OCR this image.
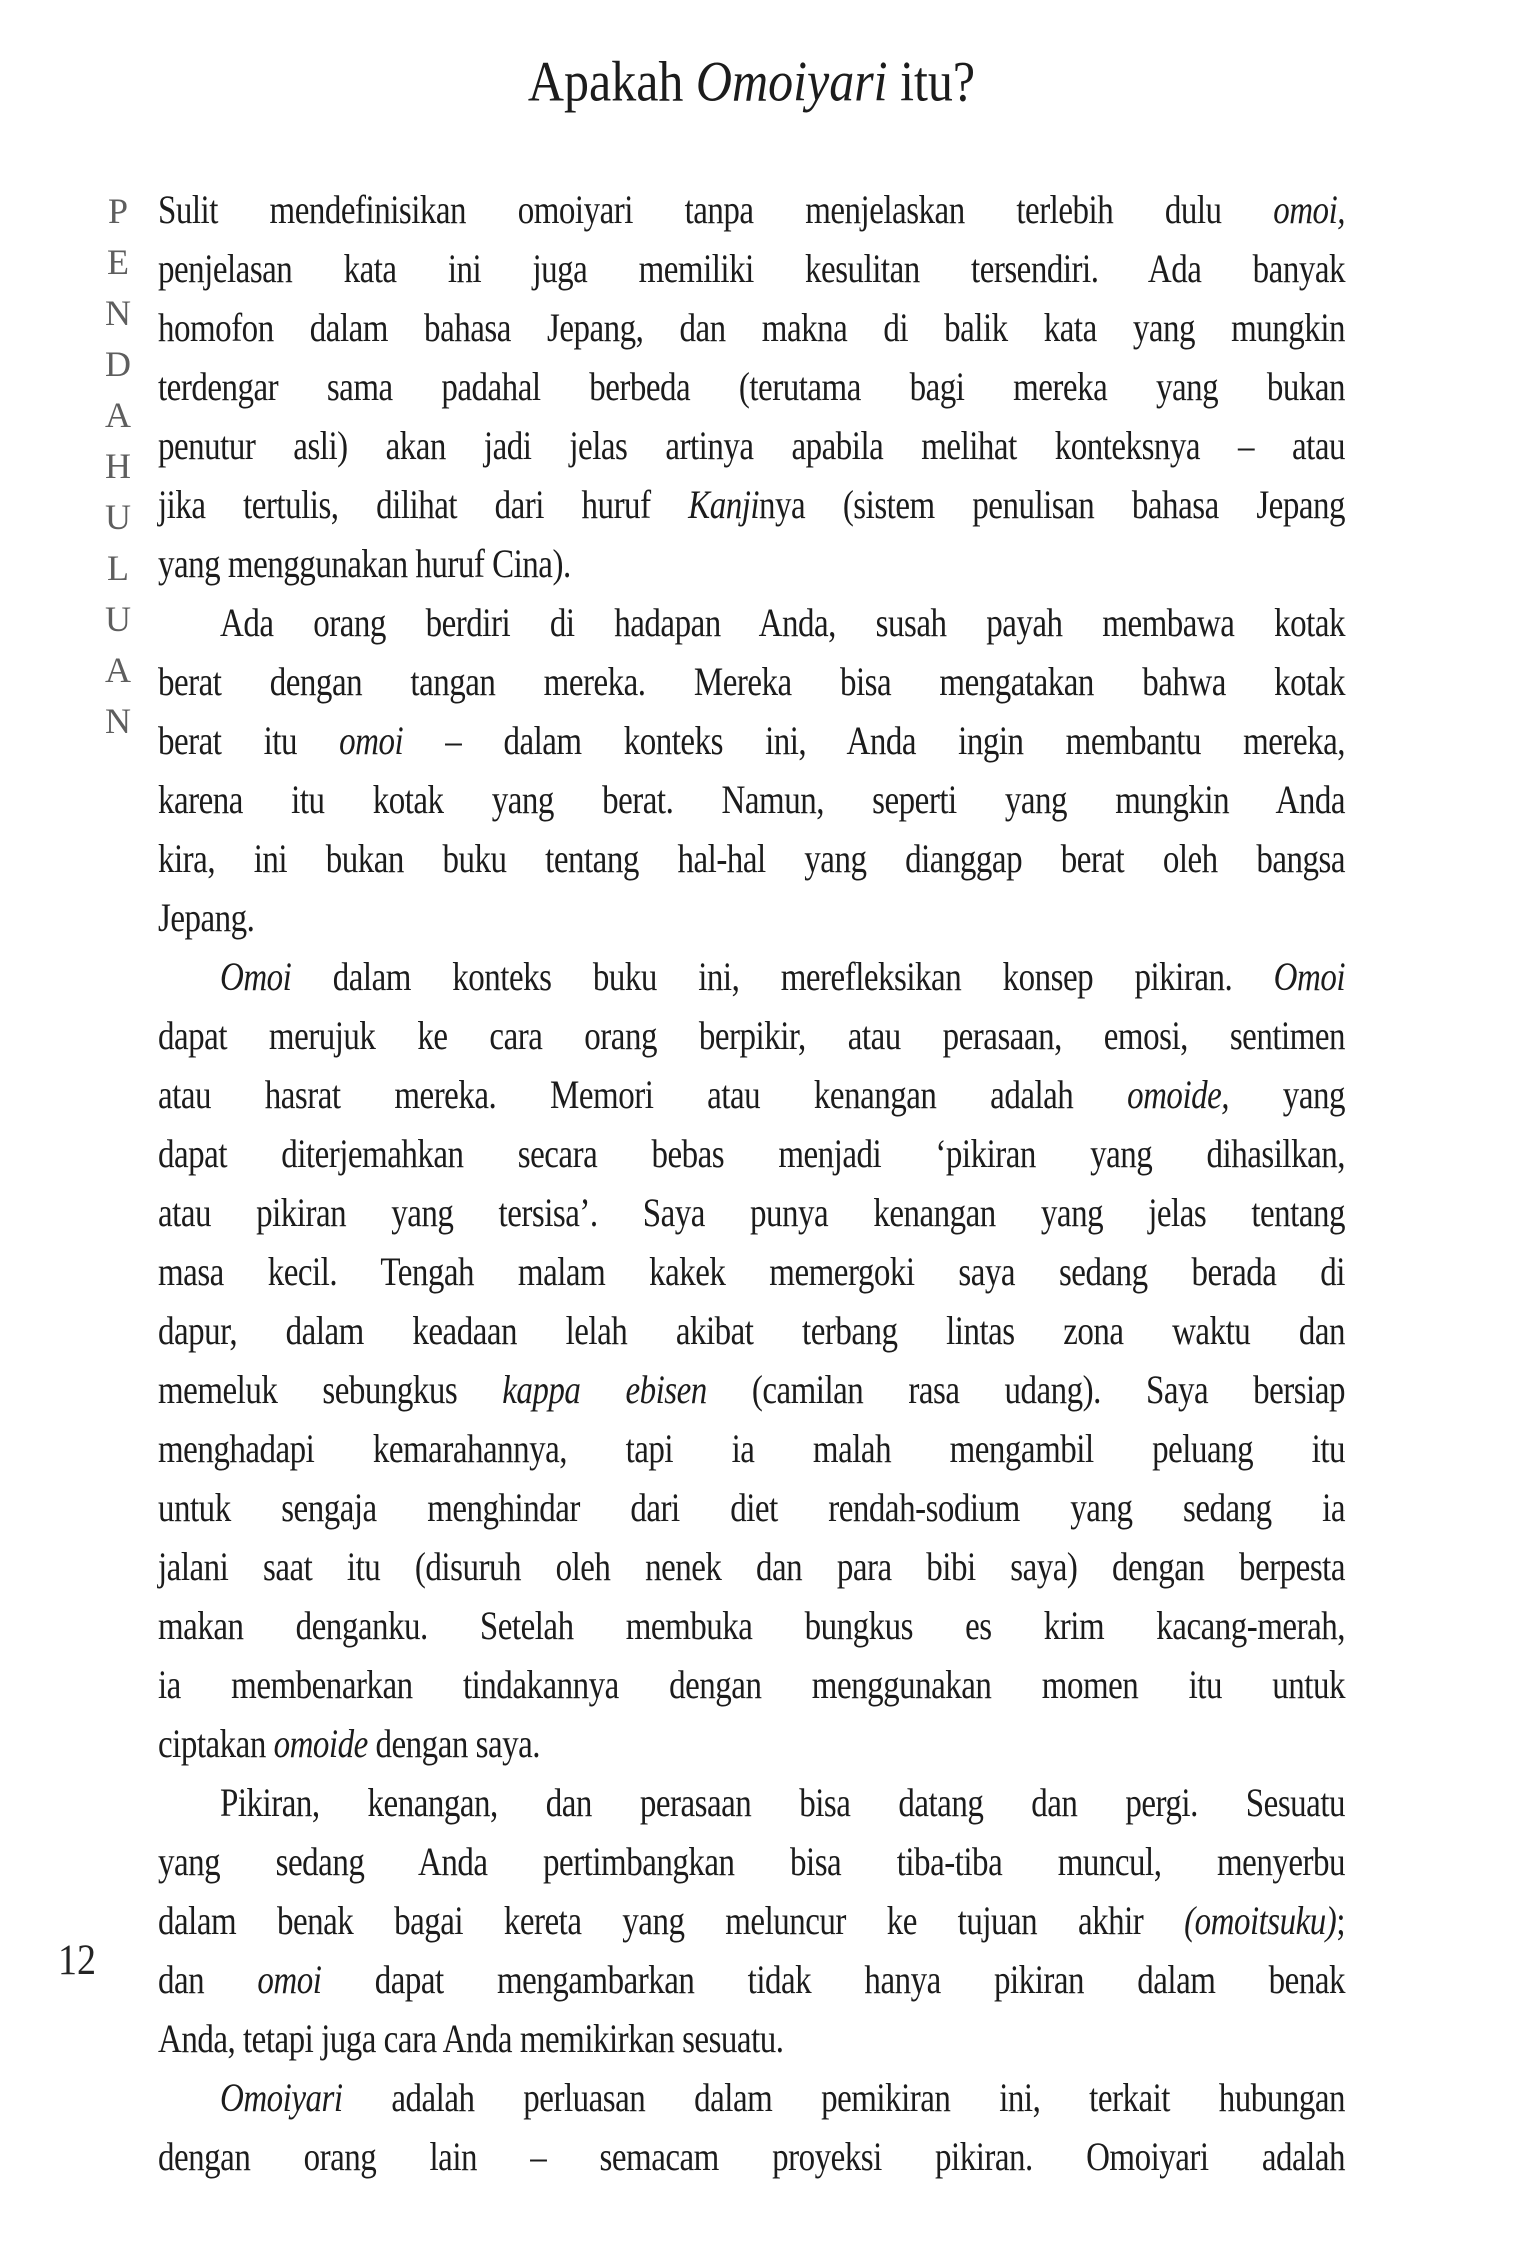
Apakah Omoiyari itu?
P
E
N
D
A
H
U
L
U
A
N
Sulit mendefinisikan omoiyari tanpa menjelaskan terlebih dulu omoi,
penjelasan kata ini juga memiliki kesulitan tersendiri. Ada banyak
homofon dalam bahasa Jepang, dan makna di balik kata yang mungkin
terdengar sama padahal berbeda (terutama bagi mereka yang bukan
penutur asli) akan jadi jelas artinya apabila melihat konteksnya – atau
jika tertulis, dilihat dari huruf Kanjinya (sistem penulisan bahasa Jepang
yang menggunakan huruf Cina).
Ada orang berdiri di hadapan Anda, susah payah membawa kotak
berat dengan tangan mereka. Mereka bisa mengatakan bahwa kotak
berat itu omoi – dalam konteks ini, Anda ingin membantu mereka,
karena itu kotak yang berat. Namun, seperti yang mungkin Anda
kira, ini bukan buku tentang hal-hal yang dianggap berat oleh bangsa
Jepang.
Omoi dalam konteks buku ini, merefleksikan konsep pikiran. Omoi
dapat merujuk ke cara orang berpikir, atau perasaan, emosi, sentimen
atau hasrat mereka. Memori atau kenangan adalah omoide, yang
dapat diterjemahkan secara bebas menjadi ‘pikiran yang dihasilkan,
atau pikiran yang tersisa’. Saya punya kenangan yang jelas tentang
masa kecil. Tengah malam kakek memergoki saya sedang berada di
dapur, dalam keadaan lelah akibat terbang lintas zona waktu dan
memeluk sebungkus kappa ebisen (camilan rasa udang). Saya bersiap
menghadapi kemarahannya, tapi ia malah mengambil peluang itu
untuk sengaja menghindar dari diet rendah-sodium yang sedang ia
jalani saat itu (disuruh oleh nenek dan para bibi saya) dengan berpesta
makan denganku. Setelah membuka bungkus es krim kacang-merah,
ia membenarkan tindakannya dengan menggunakan momen itu untuk
ciptakan omoide dengan saya.
Pikiran, kenangan, dan perasaan bisa datang dan pergi. Sesuatu
yang sedang Anda pertimbangkan bisa tiba-tiba muncul, menyerbu
dalam benak bagai kereta yang meluncur ke tujuan akhir (omoitsuku);
dan omoi dapat mengambarkan tidak hanya pikiran dalam benak
Anda, tetapi juga cara Anda memikirkan sesuatu.
Omoiyari adalah perluasan dalam pemikiran ini, terkait hubungan
dengan orang lain – semacam proyeksi pikiran. Omoiyari adalah
12
